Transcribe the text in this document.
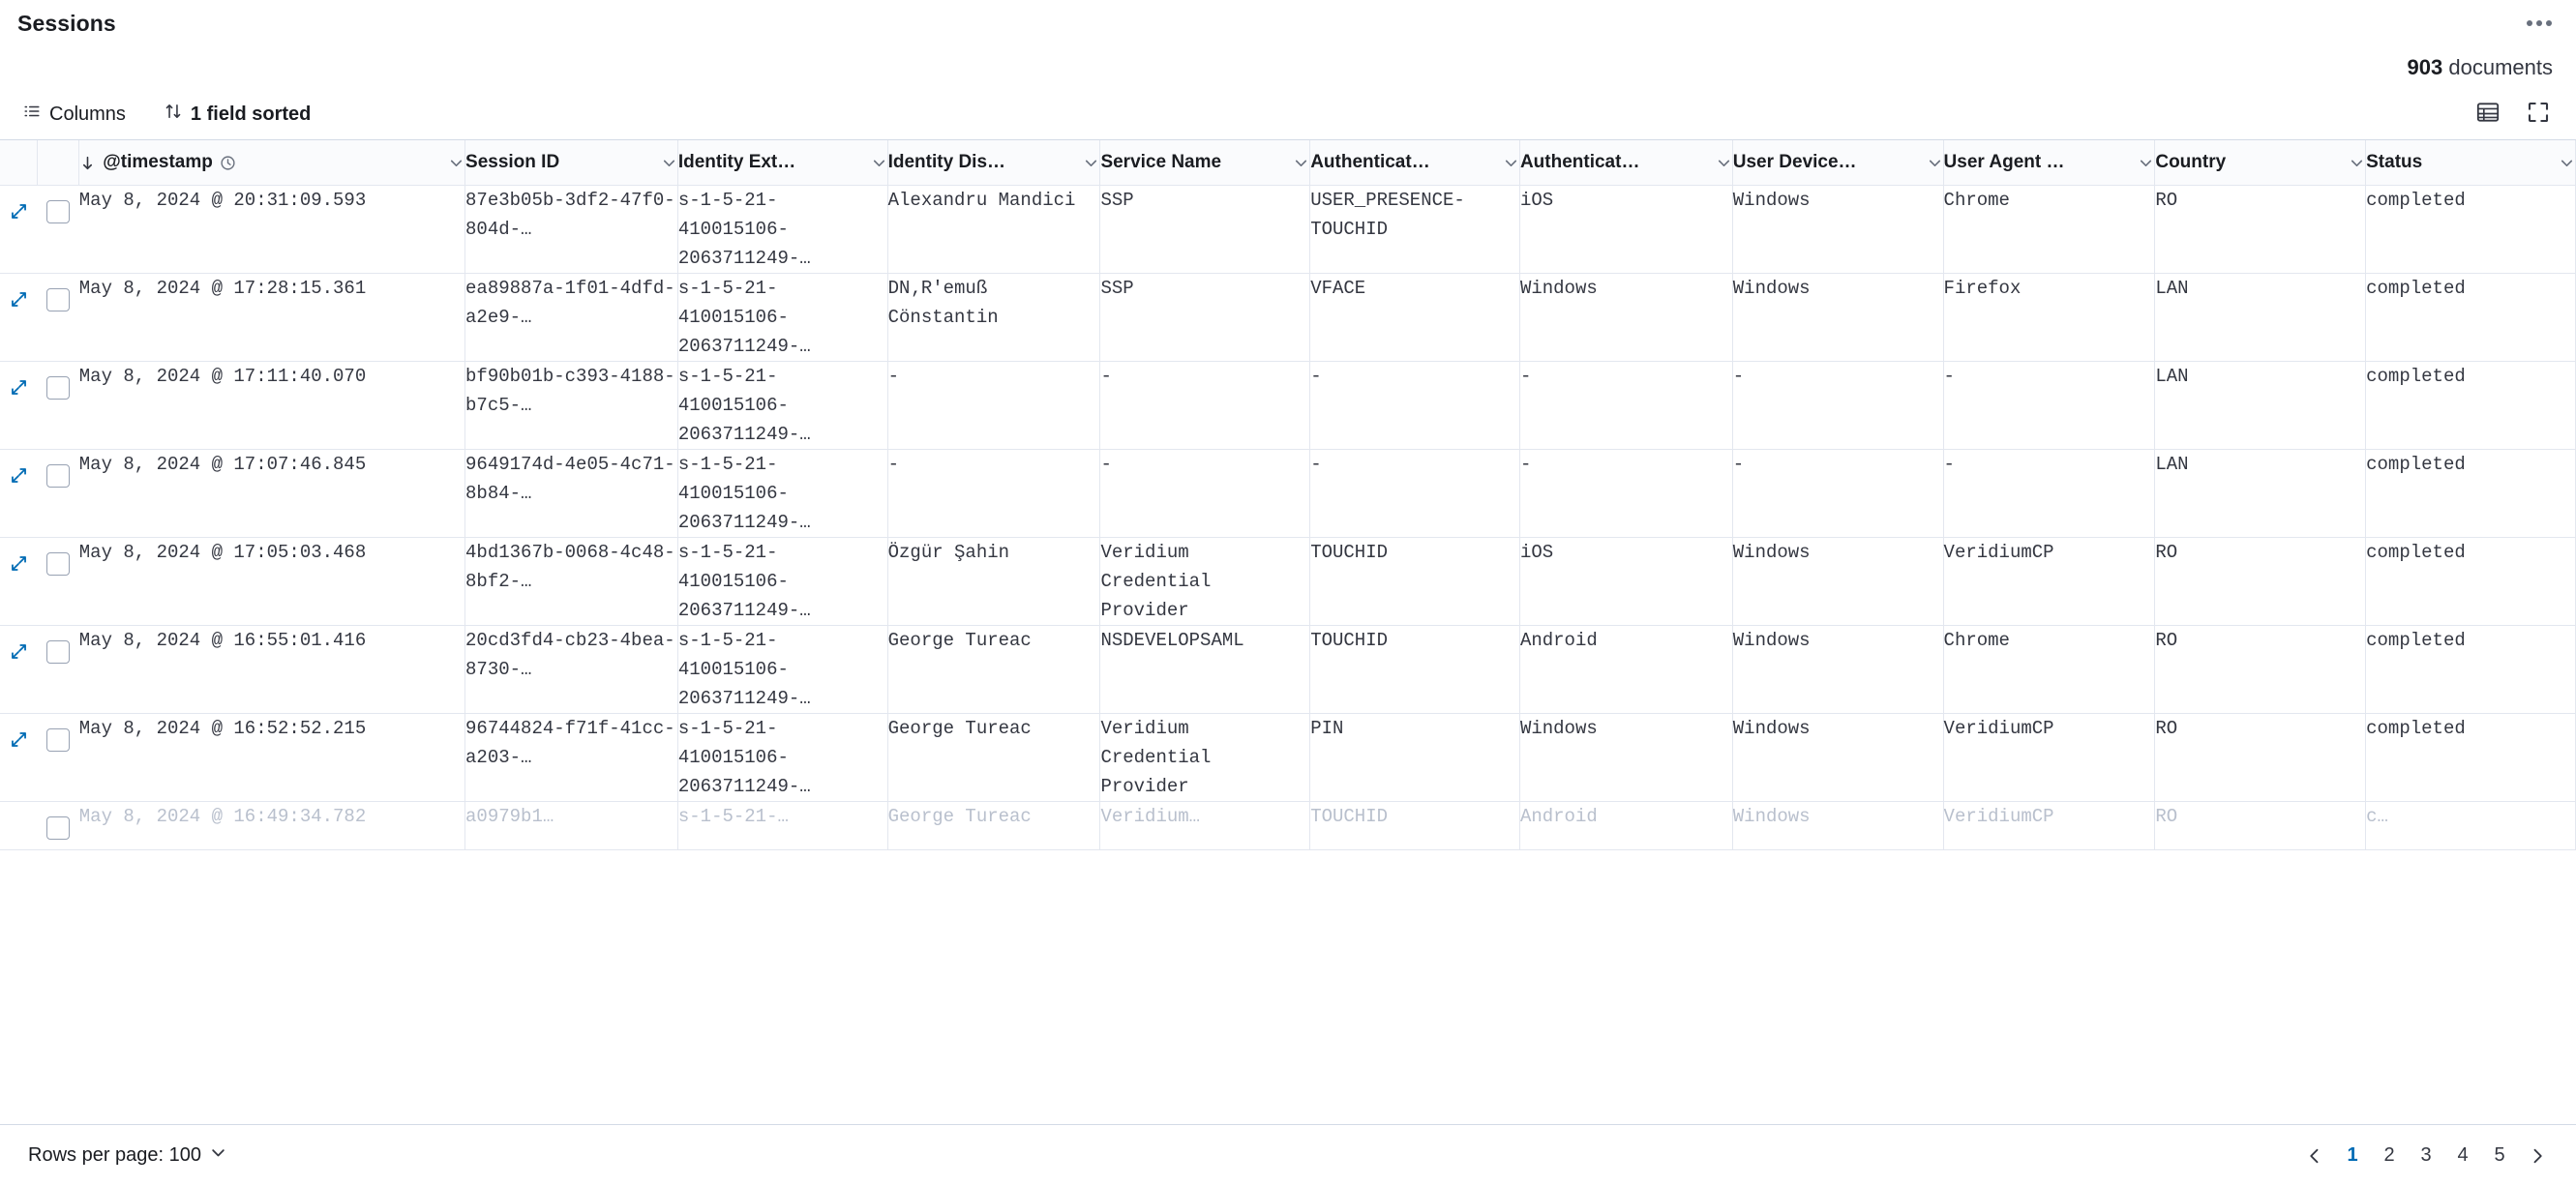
Sessions
903 documents
Columns	1 field sorted

		@timestamp	Session ID	Identity Ext…	Identity Dis…	Service Name	Authenticat…	Authenticat…	User Device…	User Agent …	Country	Status

		May 8, 2024 @ 20:31:09.593	87e3b05b-3df2-47f0-804d-…	s-1-5-21-410015106-2063711249-…	Alexandru Mandici	SSP	USER_PRESENCE-TOUCHID	iOS	Windows	Chrome	RO	completed

		May 8, 2024 @ 17:28:15.361	ea89887a-1f01-4dfd-a2e9-…	s-1-5-21-410015106-2063711249-…	DN‚R'emuß Cönstantin	SSP	VFACE	Windows	Windows	Firefox	LAN	completed

		May 8, 2024 @ 17:11:40.070	bf90b01b-c393-4188-b7c5-…	s-1-5-21-410015106-2063711249-…	-	-	-	-	-	-	LAN	completed

		May 8, 2024 @ 17:07:46.845	9649174d-4e05-4c71-8b84-…	s-1-5-21-410015106-2063711249-…	-	-	-	-	-	-	LAN	completed

		May 8, 2024 @ 17:05:03.468	4bd1367b-0068-4c48-8bf2-…	s-1-5-21-410015106-2063711249-…	Özgür Şahin	Veridium Credential Provider	TOUCHID	iOS	Windows	VeridiumCP	RO	completed

		May 8, 2024 @ 16:55:01.416	20cd3fd4-cb23-4bea-8730-…	s-1-5-21-410015106-2063711249-…	George Tureac	NSDEVELOPSAML	TOUCHID	Android	Windows	Chrome	RO	completed

		May 8, 2024 @ 16:52:52.215	96744824-f71f-41cc-a203-…	s-1-5-21-410015106-2063711249-…	George Tureac	Veridium Credential Provider	PIN	Windows	Windows	VeridiumCP	RO	completed
		May 8, 2024 @ 16:49:34.782	a0979b1…	s-1-5-21-…	George Tureac	Veridium…	TOUCHID	Android	Windows	VeridiumCP	RO	c…
Rows per page: 100	1	2	3	4	5
